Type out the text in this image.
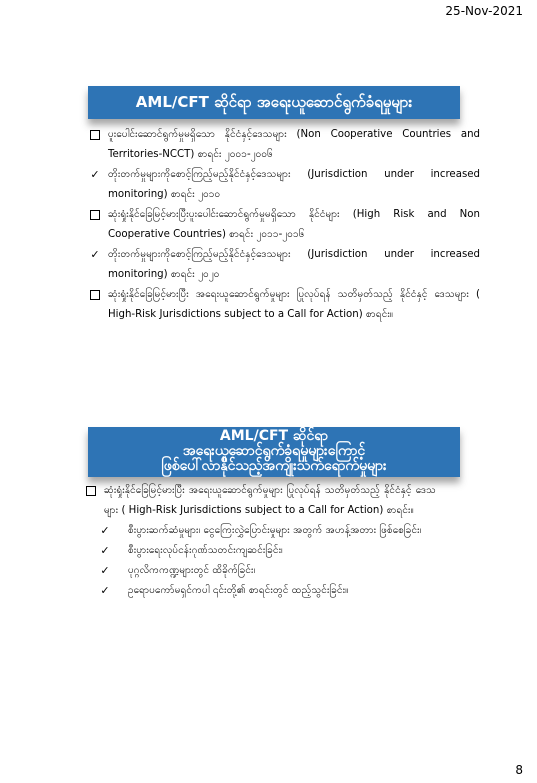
25-Nov-2021
AML/CFT ဆိုင်ရာ အရေးယူဆောင်ရွက်ခံရမှုများ
ပူးပေါင်းဆောင်ရွက်မှုမရှိသော နိုင်ငံနှင့်ဒေသများ (Non Cooperative Countries and Territories-NCCT) စာရင်း ၂၀၀၁-၂၀၀၆
✓ တိုးတက်မှုများကိုစောင့်ကြည့်မည့်နိုင်ငံနှင့်ဒေသများ (Jurisdiction under increased monitoring) စာရင်း ၂၀၁၀
ဆုံးရှုံးနိုင်ခြေမြင့်မားပြီးပူးပေါင်းဆောင်ရွက်မှုမရှိသော နိုင်ငံများ (High Risk and Non Cooperative Countries) စာရင်း ၂၀၁၁-၂၀၁၆
✓ တိုးတက်မှုများကိုစောင့်ကြည့်မည့်နိုင်ငံနှင့်ဒေသများ (Jurisdiction under increased monitoring) စာရင်း ၂၀၂၀
ဆုံးရှုံးနိုင်ခြေမြင့်မားပြီး အရေးယူဆောင်ရွက်မှုများ ပြုလုပ်ရန် သတိမှတ်သည့် နိုင်ငံနှင့် ဒေသများ ( High-Risk Jurisdictions subject to a Call for Action) စာရင်း။
AML/CFT ဆိုင်ရာ
အရေးယူဆောင်ရွက်ခံရမှုများကြောင့်
ဖြစ်ပေါ်လာနိုင်သည့်အကျိုးသက်ရောက်မှုများ
ဆုံးရှုံးနိုင်ခြေမြင့်မားပြီး အရေးယူဆောင်ရွက်မှုများ ပြုလုပ်ရန် သတိမှတ်သည့် နိုင်ငံနှင့် ဒေသများ ( High-Risk Jurisdictions subject to a Call for Action) စာရင်း။
✓ စီးပွားဆက်ဆံမှုများ၊ ငွေကြေးလွှဲပြောင်းမှုများ အတွက် အဟန့်အတား ဖြစ်စေခြင်း၊
✓ စီးပွားရေးလုပ်ငန်းဂုဏ်သတင်းကျဆင်းခြင်း၊
✓ ပုဂ္ဂလိကကဏ္ဍများတွင် ထိခိုက်ခြင်း၊
✓ ဥရောပကော်မရှင်ကပါ ၎င်းတို့၏ စာရင်းတွင် ထည့်သွင်းခြင်း။
8
